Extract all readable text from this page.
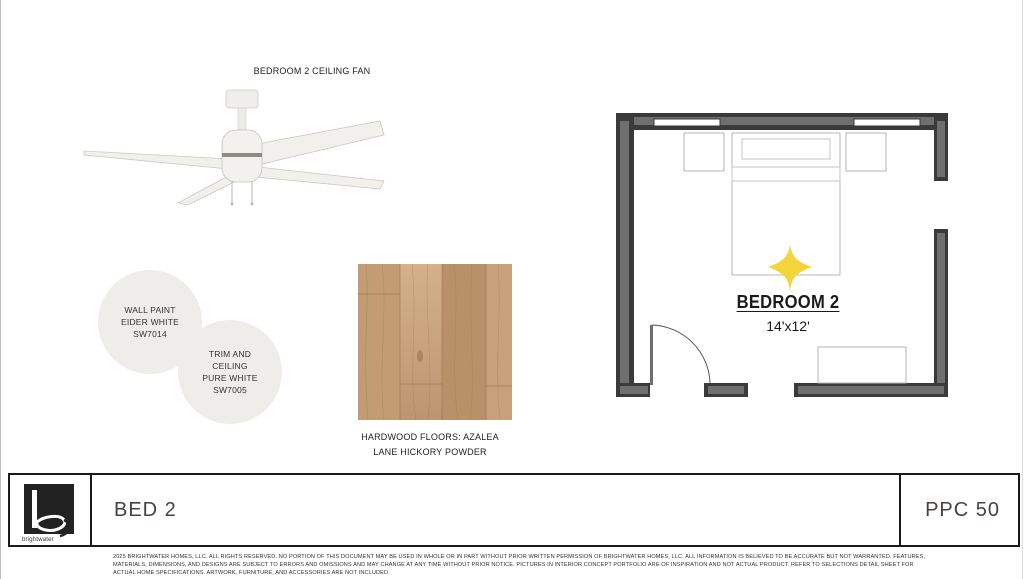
BEDROOM 2 CEILING FAN
WALL PAINT
EIDER WHITE
SW7014
TRIM AND
CEILING
PURE WHITE
SW7005
HARDWOOD FLOORS: AZALEA
LANE HICKORY POWDER
BEDROOM 2
14'x12'
brightwater
BED 2	PPC 50
2025 BRIGHTWATER HOMES, LLC. ALL RIGHTS RESERVED. NO PORTION OF THIS DOCUMENT MAY BE USED IN WHOLE OR IN PART WITHOUT PRIOR WRITTEN PERMISSION OF BRIGHTWATER HOMES, LLC. ALL INFORMATION IS BELIEVED TO BE ACCURATE BUT NOT WARRANTED. FEATURES, MATERIALS, DIMENSIONS, AND DESIGNS ARE SUBJECT TO ERRORS AND OMISSIONS AND MAY CHANGE AT ANY TIME WITHOUT PRIOR NOTICE. PICTURES IN INTERIOR CONCEPT PORTFOLIO ARE OF INSPIRATION AND NOT ACTUAL PRODUCT. REFER TO SELECTIONS DETAIL SHEET FOR ACTUAL HOME SPECIFICATIONS. ARTWORK, FURNITURE, AND ACCESSORIES ARE NOT INCLUDED.
